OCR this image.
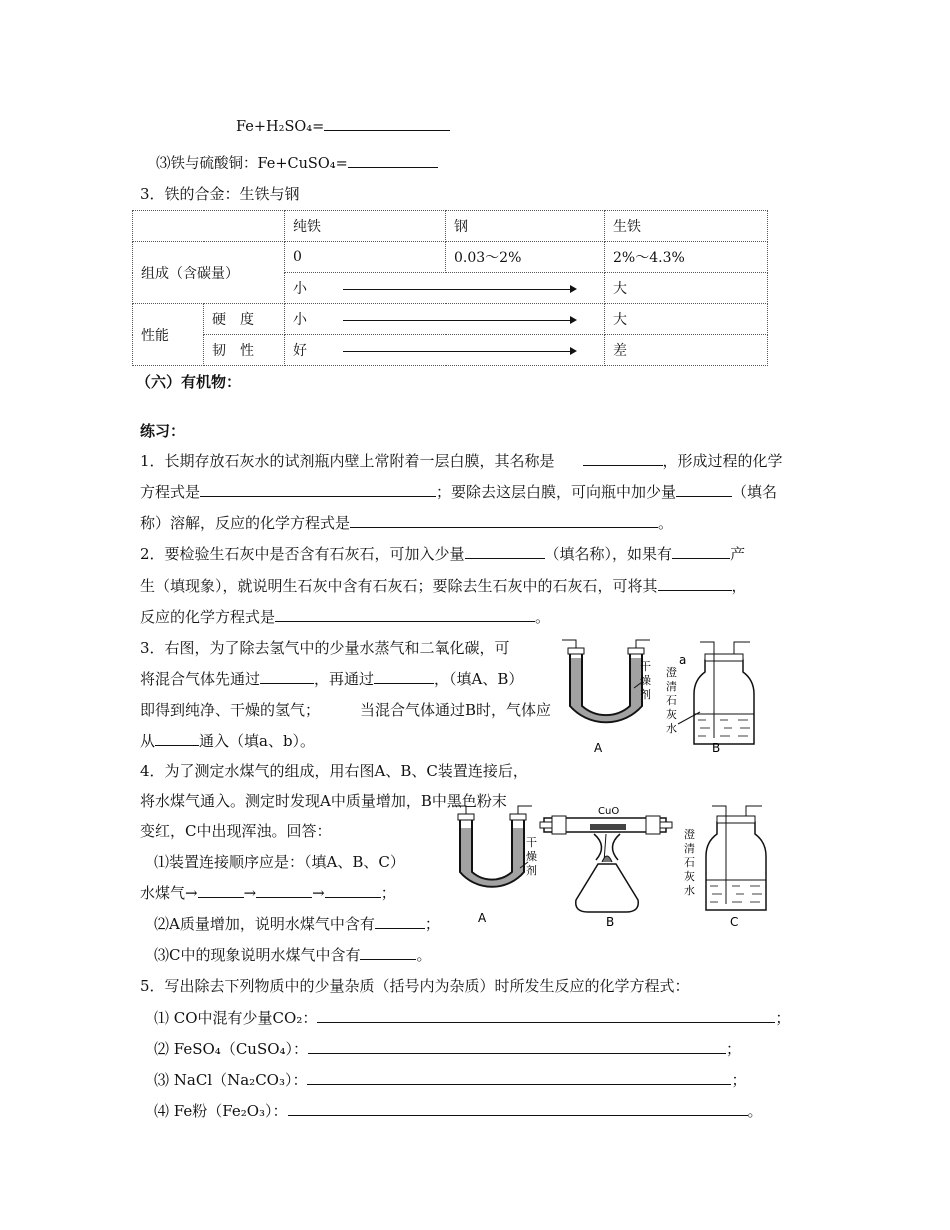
Fe+H₂SO₄=
⑶铁与硫酸铜：Fe+CuSO₄=
3．铁的合金：生铁与钢
		纯铁	钢	生铁
组成（含碳量）		0	0.03～2%	2%～4.3%
		小		大
性能	硬　度	小		大
	韧　性	好		差
（六）有机物：
练习：
1．长期存放石灰水的试剂瓶内壁上常附着一层白膜，其名称是	，形成过程的化学
方程式是	；要除去这层白膜，可向瓶中加少量	（填名
称）溶解，反应的化学方程式是	。
2．要检验生石灰中是否含有石灰石，可加入少量	（填名称），如果有	产
生（填现象），就说明生石灰中含有石灰石；要除去生石灰中的石灰石，可将其	，
反应的化学方程式是	。
3．右图，为了除去氢气中的少量水蒸气和二氧化碳，可
将混合气体先通过	，再通过	，（填A、B）
即得到纯净、干燥的氢气；	当混合气体通过B时，气体应
从	通入（填a、b）。
干
燥
剂
a
澄
清
石
灰
水
A	B
4．为了测定水煤气的组成，用右图A、B、C装置连接后，
将水煤气通入。测定时发现A中质量增加，B中黑色粉末
变红，C中出现浑浊。回答：
⑴装置连接顺序应是：（填A、B、C）
水煤气→	→	→	；
⑵A质量增加，说明水煤气中含有	；
⑶C中的现象说明水煤气中含有	。
干
燥
剂
CuO
澄
清
石
灰
水
A	B	C
5．写出除去下列物质中的少量杂质（括号内为杂质）时所发生反应的化学方程式：
⑴ CO中混有少量CO₂：	；
⑵ FeSO₄（CuSO₄）：	；
⑶ NaCl（Na₂CO₃）：	；
⑷ Fe粉（Fe₂O₃）：	。
